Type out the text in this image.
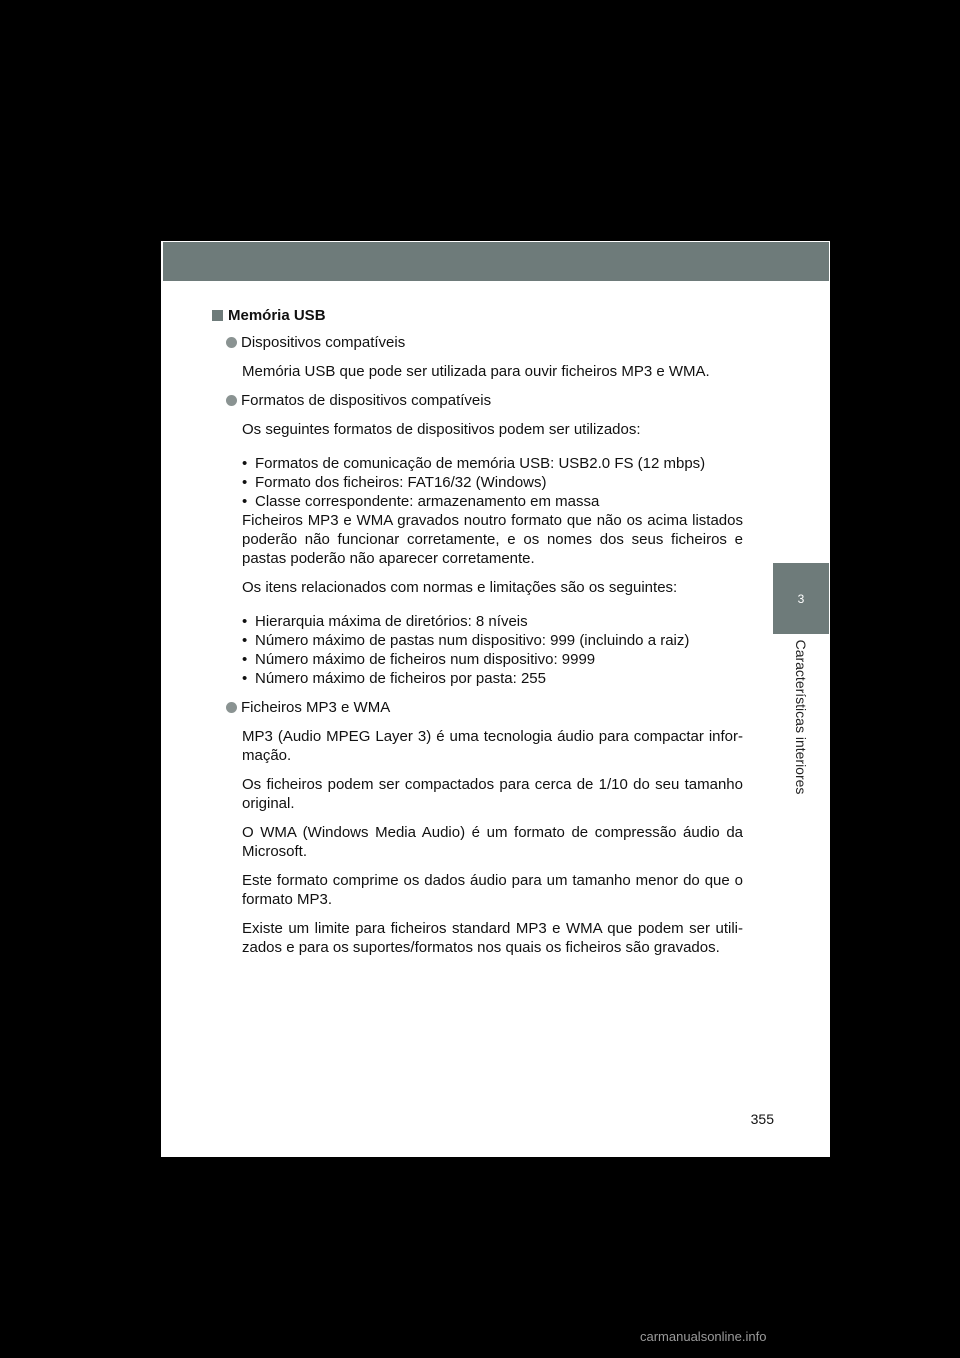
3
Características interiores
Memória USB
Dispositivos compatíveis
Memória USB que pode ser utilizada para ouvir ficheiros MP3 e WMA.
Formatos de dispositivos compatíveis
Os seguintes formatos de dispositivos podem ser utilizados:
• Formatos de comunicação de memória USB: USB2.0 FS (12 mbps)
• Formato dos ficheiros: FAT16/32 (Windows)
• Classe correspondente: armazenamento em massa
Ficheiros MP3 e WMA gravados noutro formato que não os acima listados poderão não funcionar corretamente, e os nomes dos seus ficheiros e pastas poderão não aparecer corretamente.
Os itens relacionados com normas e limitações são os seguintes:
• Hierarquia máxima de diretórios: 8 níveis
• Número máximo de pastas num dispositivo: 999 (incluindo a raiz)
• Número máximo de ficheiros num dispositivo: 9999
• Número máximo de ficheiros por pasta: 255
Ficheiros MP3 e WMA
MP3 (Audio MPEG Layer 3) é uma tecnologia áudio para compactar infor-mação.
Os ficheiros podem ser compactados para cerca de 1/10 do seu tamanho original.
O WMA (Windows Media Audio) é um formato de compressão áudio da Microsoft.
Este formato comprime os dados áudio para um tamanho menor do que o formato MP3.
Existe um limite para ficheiros standard MP3 e WMA que podem ser utili-zados e para os suportes/formatos nos quais os ficheiros são gravados.
355
carmanualsonline.info
